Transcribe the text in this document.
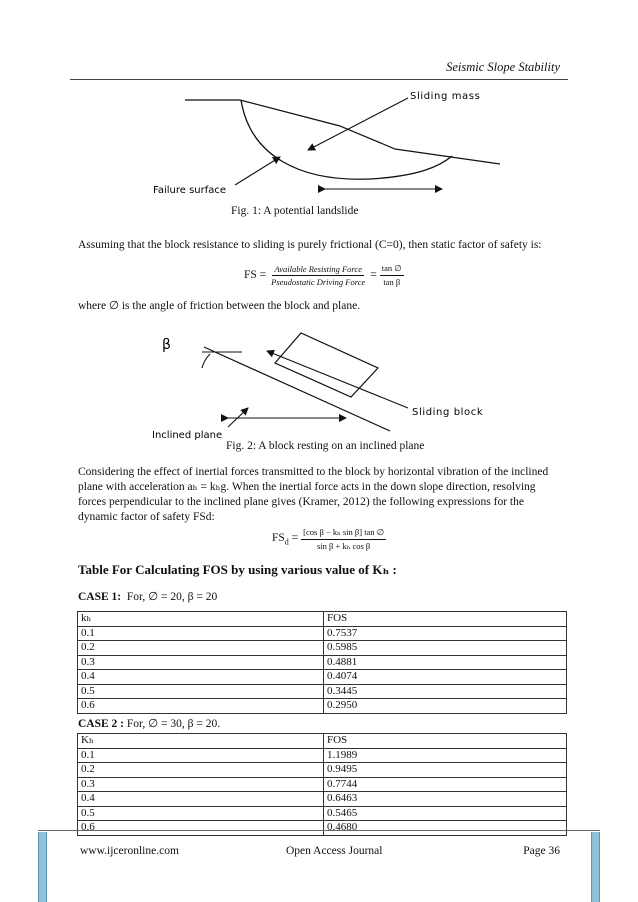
Seismic Slope Stability
Sliding mass
Failure surface
Fig. 1: A potential landslide
Assuming that the block resistance to sliding is purely frictional (C=0), then static factor of safety is:
FS = $\frac{\text{Available Resisting Force}}{\text{Pseudostatic Driving Force}} = \frac{\tan \emptyset}{\text{tan β}}$
where ∅ is the angle of friction between the block and plane.
β
Sliding block
Inclined plane
Fig. 2: A block resting on an inclined plane
Considering the effect of inertial forces transmitted to the block by horizontal vibration of the inclined plane with acceleration aₕ = kₕg. When the inertial force acts in the down slope direction, resolving forces perpendicular to the inclined plane gives (Kramer, 2012) the following expressions for the dynamic factor of safety FSd:
$FS_d = \frac{\text{[cos β − kₕ sin β] tan ∅}}{\text{sin β + kₕ cos β}}$
Table For Calculating FOS by using various value of Kₕ :
CASE 1: For, ∅ = 20, β = 20
kₕ	FOS
0.1	0.7537
0.2	0.5985
0.3	0.4881
0.4	0.4074
0.5	0.3445
0.6	0.2950
CASE 2 : For, ∅ = 30, β = 20.
Kₕ	FOS
0.1	1.1989
0.2	0.9495
0.3	0.7744
0.4	0.6463
0.5	0.5465
0.6	0.4680
www.ijceronline.com	Open Access Journal	Page 36
